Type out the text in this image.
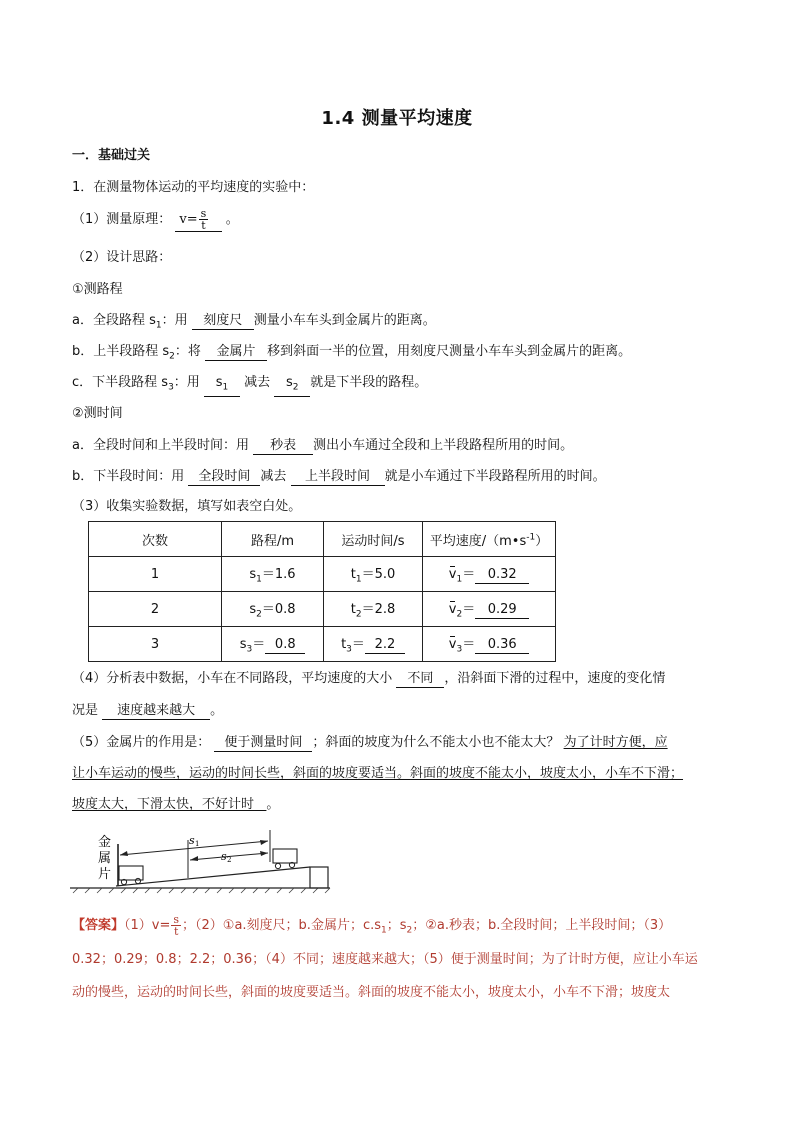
1.4 测量平均速度
一．基础过关
1．在测量物体运动的平均速度的实验中：
（1）测量原理： $v= \frac{s}{t}$ 。
（2）设计思路：
①测路程
a．全段路程 $s_1$：用 刻度尺 测量小车车头到金属片的距离。
b．上半段路程 $s_2$：将 金属片 移到斜面一半的位置，用刻度尺测量小车车头到金属片的距离。
c．下半段路程 $s_3$：用 $s_1$ 减去 $s_2$ 就是下半段的路程。
②测时间
a．全段时间和上半段时间：用 秒表 测出小车通过全段和上半段路程所用的时间。
b．下半段时间：用 全段时间 减去 上半段时间 就是小车通过下半段路程所用的时间。
（3）收集实验数据，填写如表空白处。
次数	路程/m	运动时间/s	平均速度$/(m•s^{-1})$
1	$s_1=1.6$	$t_1=5.0$	$v_1= 0.32$
2	$s_2=0.8$	$t_2=2.8$	$v_2= 0.29$
3	$s_3= 0.8$	$t_3= 2.2$	$v_3= 0.36$
（4）分析表中数据，小车在不同路段，平均速度的大小 不同 ，沿斜面下滑的过程中，速度的变化情
况是 速度越来越大 。
（5）金属片的作用是： 便于测量时间 ；斜面的坡度为什么不能太小也不能太大？ 为了计时方便，应
让小车运动的慢些，运动的时间长些，斜面的坡度要适当。斜面的坡度不能太小，坡度太小，小车不下滑；
坡度太大，下滑太快，不好计时 。
金
属
片
s 1
s 2
【答案】$(1)v= \frac{s}{t}$ ；（2）①a.刻度尺；b.金属片；$c.s_1$；$s_2$；②a.秒表；b.全段时间；上半段时间；（3）
0.32；0.29；0.8；2.2；0.36；（4）不同；速度越来越大；（5）便于测量时间；为了计时方便，应让小车运
动的慢些，运动的时间长些，斜面的坡度要适当。斜面的坡度不能太小，坡度太小，小车不下滑；坡度太
